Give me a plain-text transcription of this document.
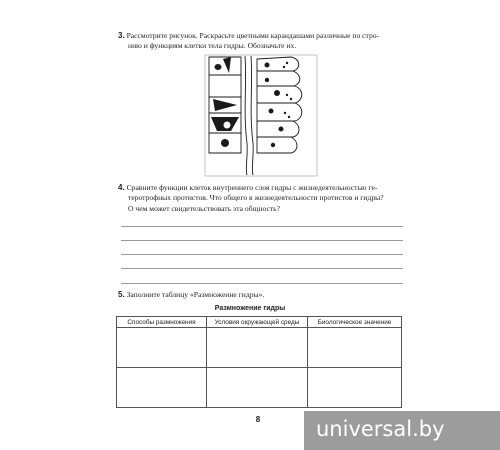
3. Рассмотрите рисунок. Раскрасьте цветными карандашами различные по стро-
нию и функциям клетки тела гидры. Обозначьте их.
4. Сравните функции клеток внутреннего слоя гидры с жизнедеятельностью ге-
теротрофных протистов. Что общего в жизнедеятельности протистов и гидры?
О чем может свидетельствовать эта общность?
5. Заполните таблицу «Размножение гидры».
Размножение гидры
Способы размножения	Условия окружающей среды	Биологическое значение

8	universal.by
